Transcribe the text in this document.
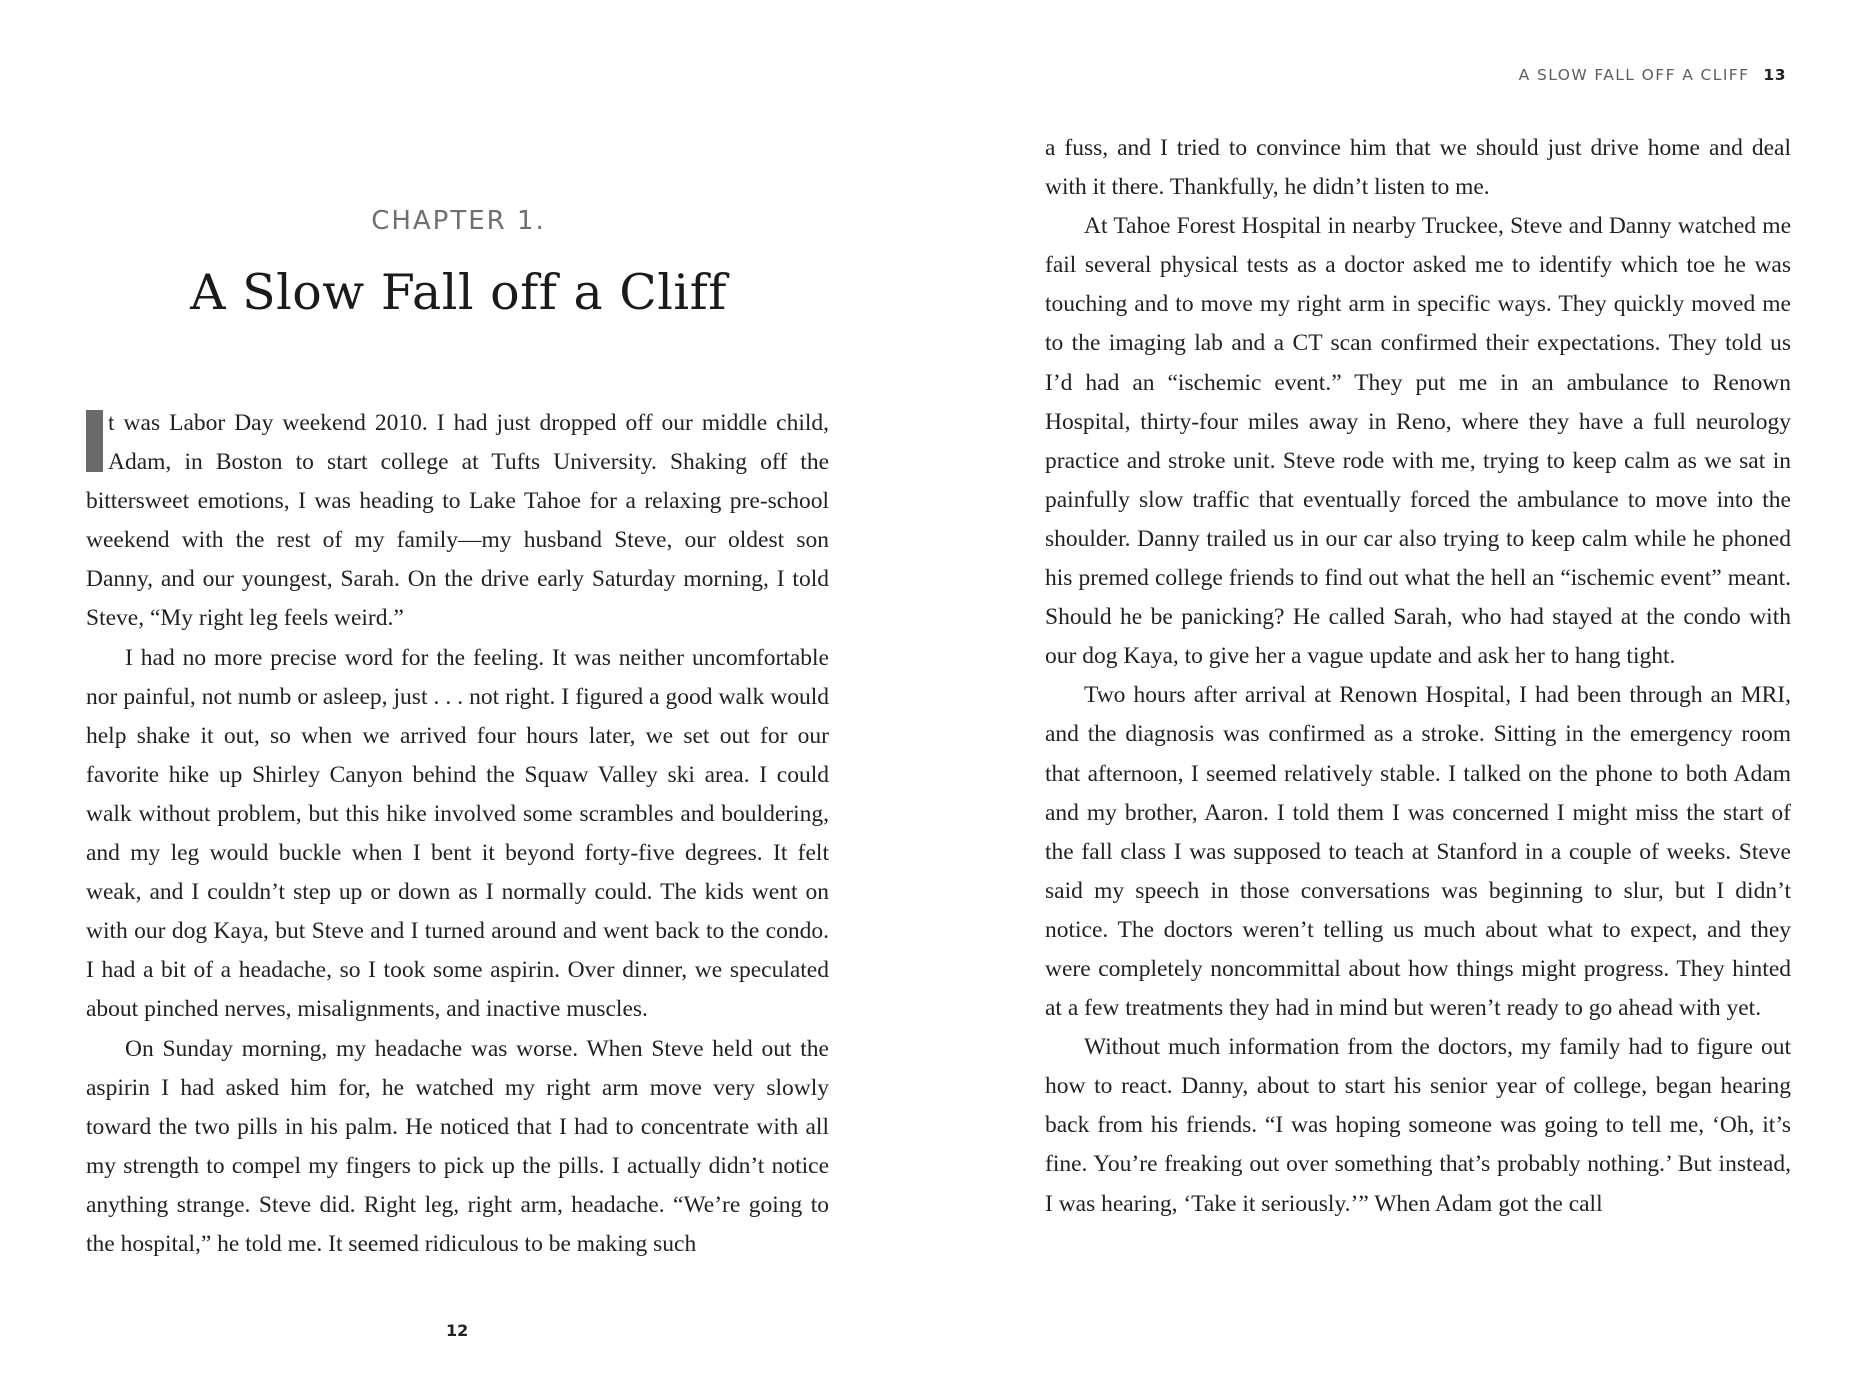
CHAPTER 1.
A Slow Fall off a Cliff

t was Labor Day weekend 2010. I had just dropped off our middle child, Adam, in Boston to start college at Tufts University. Shaking off the bittersweet emotions, I was heading to Lake Tahoe for a relaxing pre-school weekend with the rest of my family—my husband Steve, our oldest son Danny, and our youngest, Sarah. On the drive early Saturday morning, I told Steve, “My right leg feels weird.”

I had no more precise word for the feeling. It was neither uncomfortable nor painful, not numb or asleep, just . . . not right. I figured a good walk would help shake it out, so when we arrived four hours later, we set out for our favorite hike up Shirley Canyon behind the Squaw Valley ski area. I could walk without problem, but this hike involved some scrambles and bouldering, and my leg would buckle when I bent it beyond forty-five degrees. It felt weak, and I couldn’t step up or down as I normally could. The kids went on with our dog Kaya, but Steve and I turned around and went back to the condo. I had a bit of a headache, so I took some aspirin. Over dinner, we speculated about pinched nerves, misalignments, and inactive muscles.

On Sunday morning, my headache was worse. When Steve held out the aspirin I had asked him for, he watched my right arm move very slowly toward the two pills in his palm. He noticed that I had to concentrate with all my strength to compel my fingers to pick up the pills. I actually didn’t notice anything strange. Steve did. Right leg, right arm, headache. “We’re going to the hospital,” he told me. It seemed ridiculous to be making such

12
A SLOW FALL OFF A CLIFF 13

a fuss, and I tried to convince him that we should just drive home and deal with it there. Thankfully, he didn’t listen to me.

At Tahoe Forest Hospital in nearby Truckee, Steve and Danny watched me fail several physical tests as a doctor asked me to identify which toe he was touching and to move my right arm in specific ways. They quickly moved me to the imaging lab and a CT scan confirmed their expectations. They told us I’d had an “ischemic event.” They put me in an ambulance to Renown Hospital, thirty-four miles away in Reno, where they have a full neurology practice and stroke unit. Steve rode with me, trying to keep calm as we sat in painfully slow traffic that eventually forced the ambulance to move into the shoulder. Danny trailed us in our car also trying to keep calm while he phoned his premed college friends to find out what the hell an “ischemic event” meant. Should he be panicking? He called Sarah, who had stayed at the condo with our dog Kaya, to give her a vague update and ask her to hang tight.

Two hours after arrival at Renown Hospital, I had been through an MRI, and the diagnosis was confirmed as a stroke. Sitting in the emergency room that afternoon, I seemed relatively stable. I talked on the phone to both Adam and my brother, Aaron. I told them I was concerned I might miss the start of the fall class I was supposed to teach at Stanford in a couple of weeks. Steve said my speech in those conversations was beginning to slur, but I didn’t notice. The doctors weren’t telling us much about what to expect, and they were completely noncommittal about how things might progress. They hinted at a few treatments they had in mind but weren’t ready to go ahead with yet.

Without much information from the doctors, my family had to figure out how to react. Danny, about to start his senior year of college, began hearing back from his friends. “I was hoping someone was going to tell me, ‘Oh, it’s fine. You’re freaking out over something that’s probably nothing.’ But instead, I was hearing, ‘Take it seriously.’” When Adam got the call
